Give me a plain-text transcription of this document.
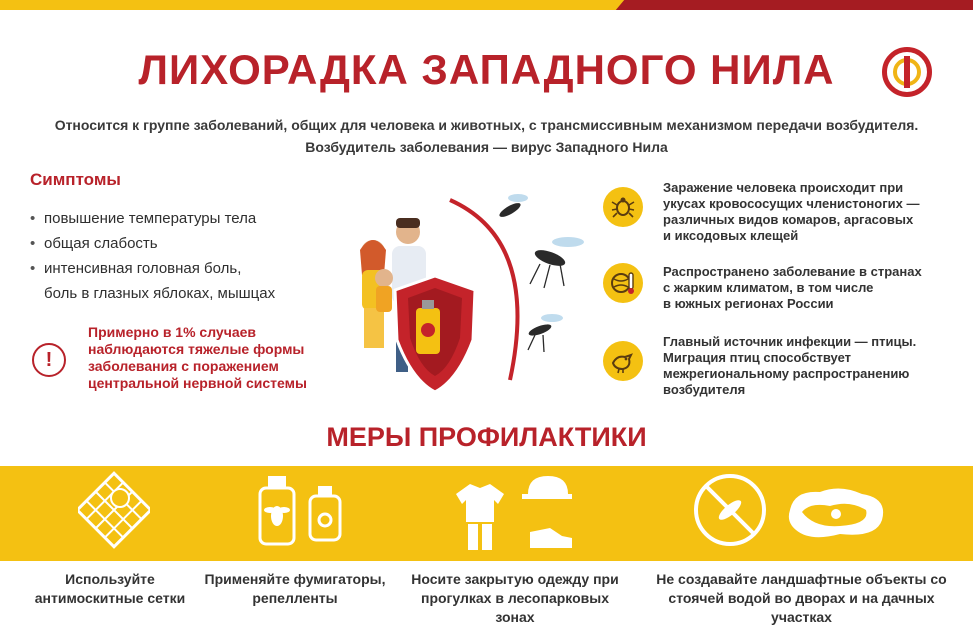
ЛИХОРАДКА ЗАПАДНОГО НИЛА
Относится к группе заболеваний, общих для человека и животных, с трансмиссивным механизмом передачи возбудителя.
Возбудитель заболевания — вирус Западного Нила
Симптомы
• повышение температуры тела
• общая слабость
• интенсивная головная боль,
боль в глазных яблоках, мышцах
!
Примерно в 1% случаев
наблюдаются тяжелые формы
заболевания с поражением
центральной нервной системы
Заражение человека происходит при
укусах кровососущих членистоногих —
различных видов комаров, аргасовых
и иксодовых клещей
Распространено заболевание в странах
с жарким климатом, в том числе
в южных регионах России
Главный источник инфекции — птицы.
Миграция птиц способствует
межрегиональному распространению
возбудителя
МЕРЫ ПРОФИЛАКТИКИ
Используйте
антимоскитные сетки
Применяйте фумигаторы,
репелленты
Носите закрытую одежду при
прогулках в лесопарковых зонах
Не создавайте ландшафтные объекты со
стоячей водой во дворах и на дачных участках
